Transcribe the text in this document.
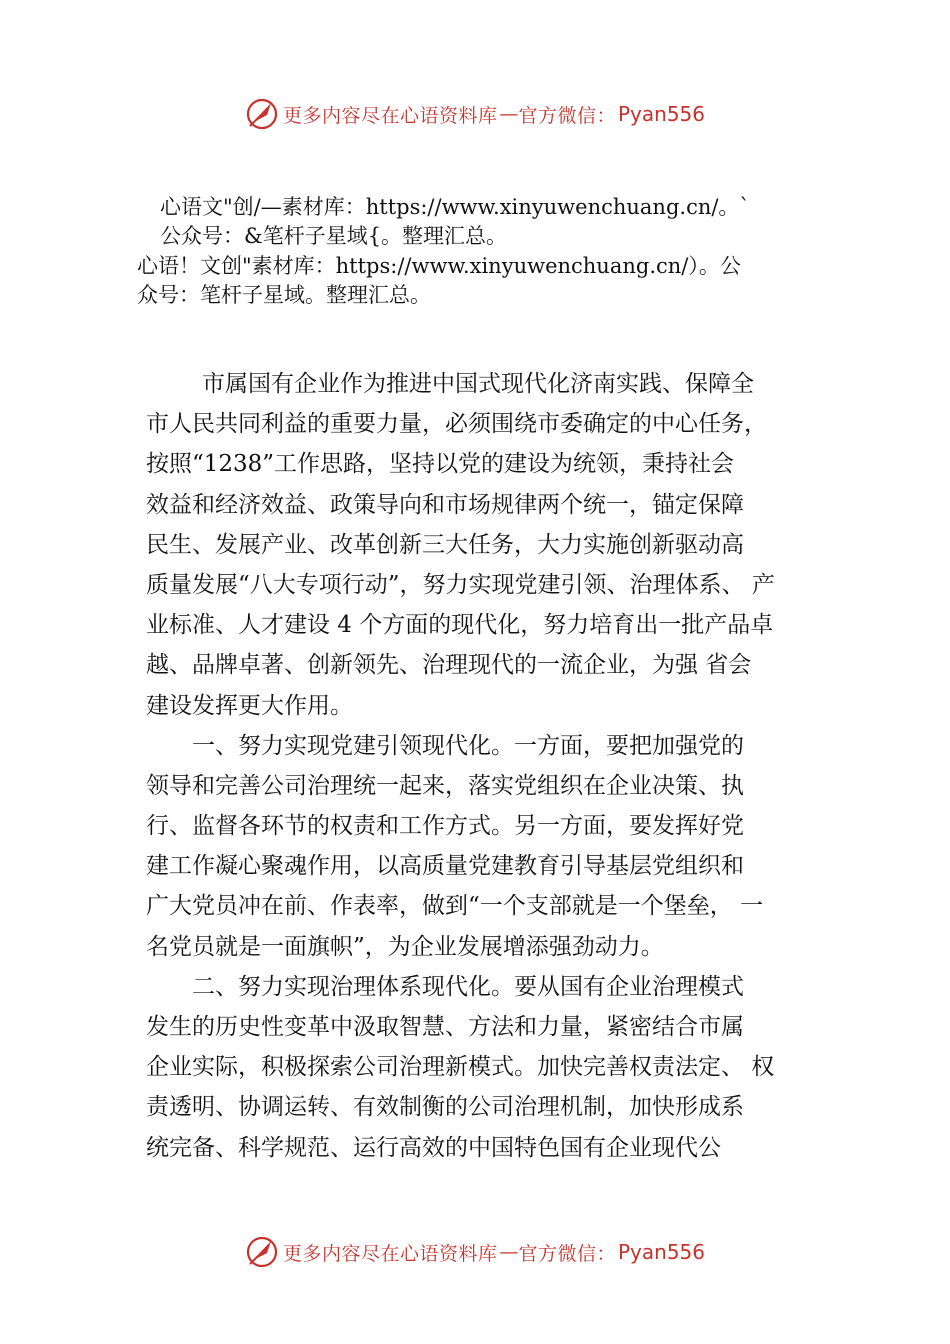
更多内容尽在心语资料库 — 官方微信： Pyan556
心语文"创/—素材库：https://www.xinyuwenchuang.cn/。`
公众号：&笔杆子星域{。整理汇总。
心语！文创"素材库：https://www.xinyuwenchuang.cn/）。公
众号：笔杆子星域。整理汇总。
市属国有企业作为推进中国式现代化济南实践、保障全
市人民共同利益的重要力量，必须围绕市委确定的中心任务，
按照“1238”工作思路，坚持以党的建设为统领，秉持社会
效益和经济效益、政策导向和市场规律两个统一，锚定保障
民生、发展产业、改革创新三大任务，大力实施创新驱动高
质量发展“八大专项行动”，努力实现党建引领、治理体系、 产
业标准、人才建设 4 个方面的现代化，努力培育出一批产品卓
越、品牌卓著、创新领先、治理现代的一流企业，为强 省会
建设发挥更大作用。
一、努力实现党建引领现代化。一方面，要把加强党的
领导和完善公司治理统一起来，落实党组织在企业决策、执
行、监督各环节的权责和工作方式。另一方面，要发挥好党
建工作凝心聚魂作用，以高质量党建教育引导基层党组织和
广大党员冲在前、作表率，做到“一个支部就是一个堡垒， 一
名党员就是一面旗帜”，为企业发展增添强劲动力。
二、努力实现治理体系现代化。要从国有企业治理模式
发生的历史性变革中汲取智慧、方法和力量，紧密结合市属
企业实际，积极探索公司治理新模式。加快完善权责法定、 权
责透明、协调运转、有效制衡的公司治理机制，加快形成系
统完备、科学规范、运行高效的中国特色国有企业现代公
更多内容尽在心语资料库 — 官方微信： Pyan556
